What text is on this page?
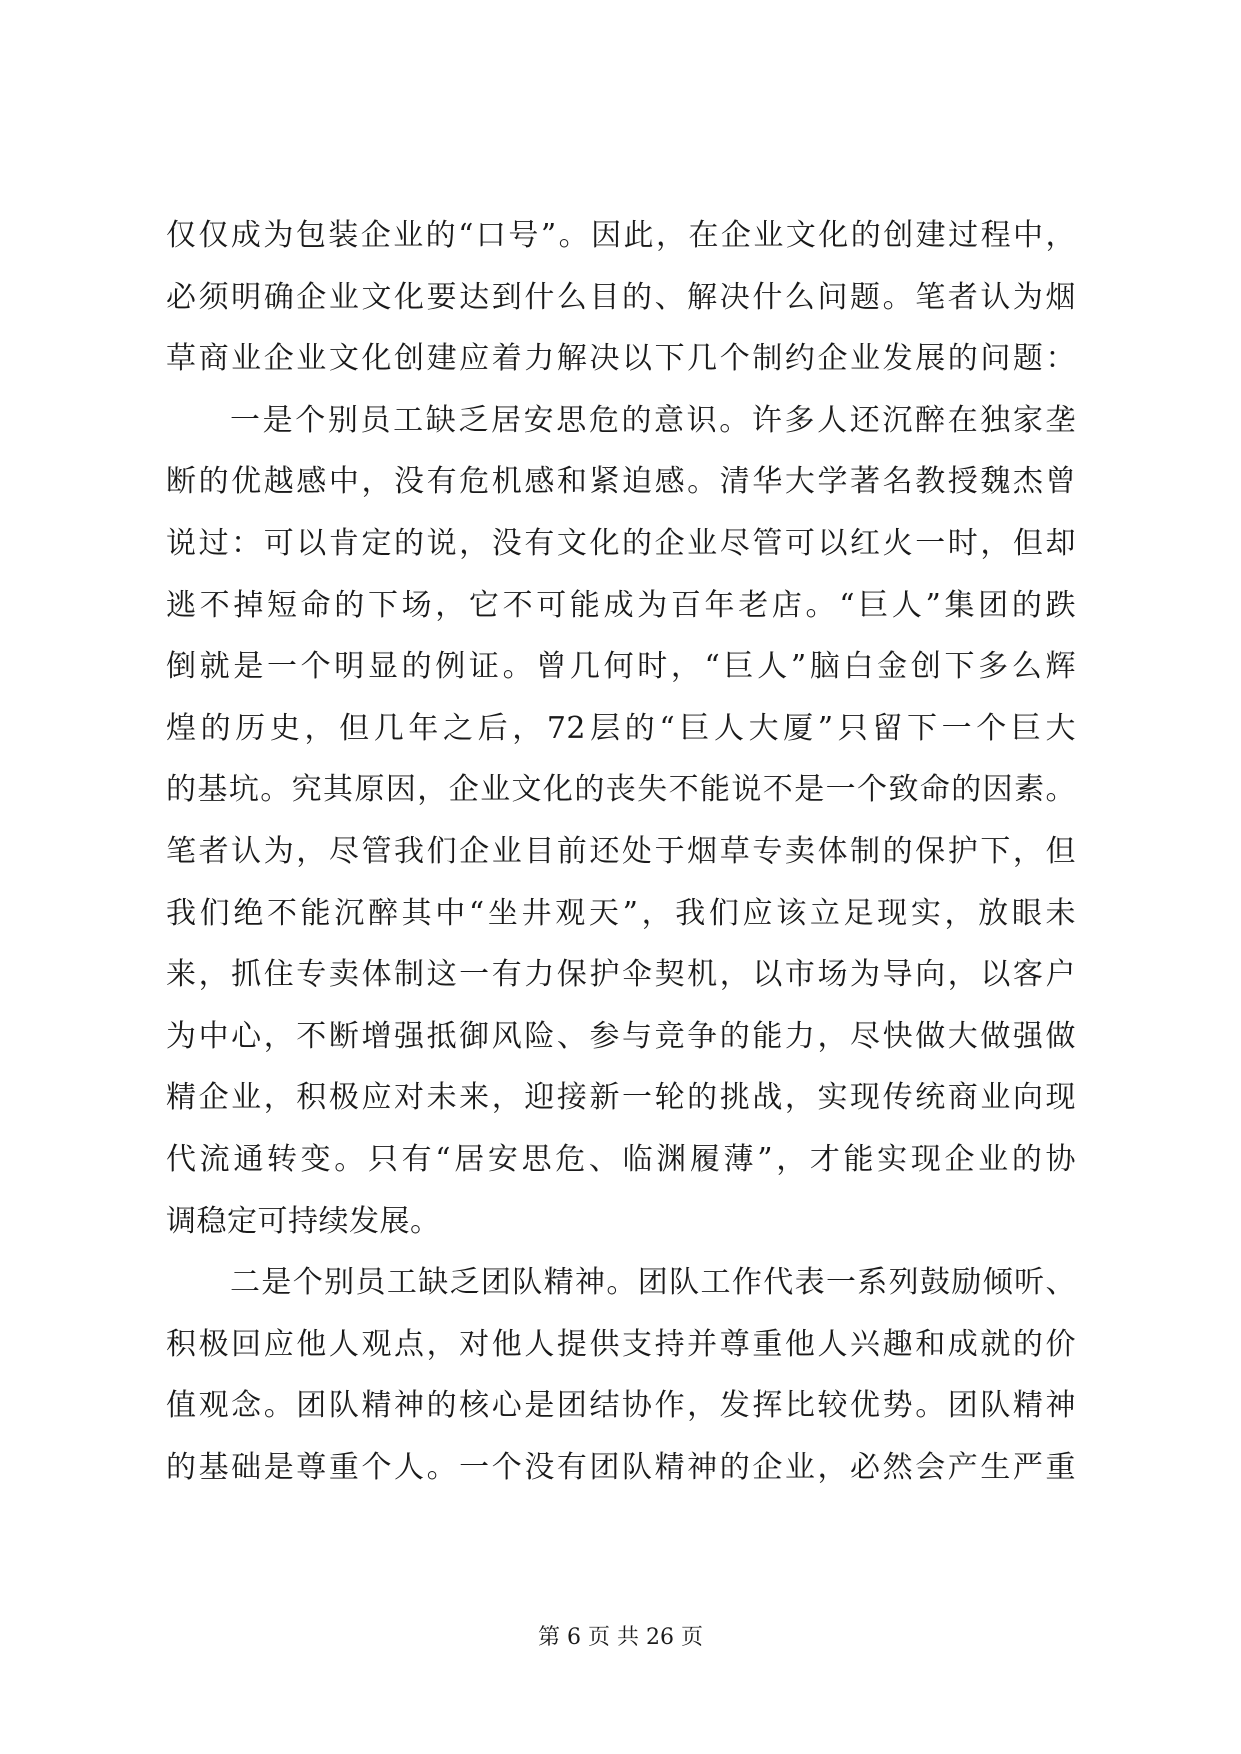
仅仅成为包装企业的“口号”。因此，在企业文化的创建过程中，
必须明确企业文化要达到什么目的、解决什么问题。笔者认为烟
草商业企业文化创建应着力解决以下几个制约企业发展的问题：
一是个别员工缺乏居安思危的意识。许多人还沉醉在独家垄
断的优越感中，没有危机感和紧迫感。清华大学著名教授魏杰曾
说过：可以肯定的说，没有文化的企业尽管可以红火一时，但却
逃不掉短命的下场，它不可能成为百年老店。“巨人”集团的跌
倒就是一个明显的例证。曾几何时，“巨人”脑白金创下多么辉
煌的历史，但几年之后，72层的“巨人大厦”只留下一个巨大
的基坑。究其原因，企业文化的丧失不能说不是一个致命的因素。
笔者认为，尽管我们企业目前还处于烟草专卖体制的保护下，但
我们绝不能沉醉其中“坐井观天”，我们应该立足现实，放眼未
来，抓住专卖体制这一有力保护伞契机，以市场为导向，以客户
为中心，不断增强抵御风险、参与竞争的能力，尽快做大做强做
精企业，积极应对未来，迎接新一轮的挑战，实现传统商业向现
代流通转变。只有“居安思危、临渊履薄”，才能实现企业的协
调稳定可持续发展。
二是个别员工缺乏团队精神。团队工作代表一系列鼓励倾听、
积极回应他人观点，对他人提供支持并尊重他人兴趣和成就的价
值观念。团队精神的核心是团结协作，发挥比较优势。团队精神
的基础是尊重个人。一个没有团队精神的企业，必然会产生严重
第 6 页 共 26 页
